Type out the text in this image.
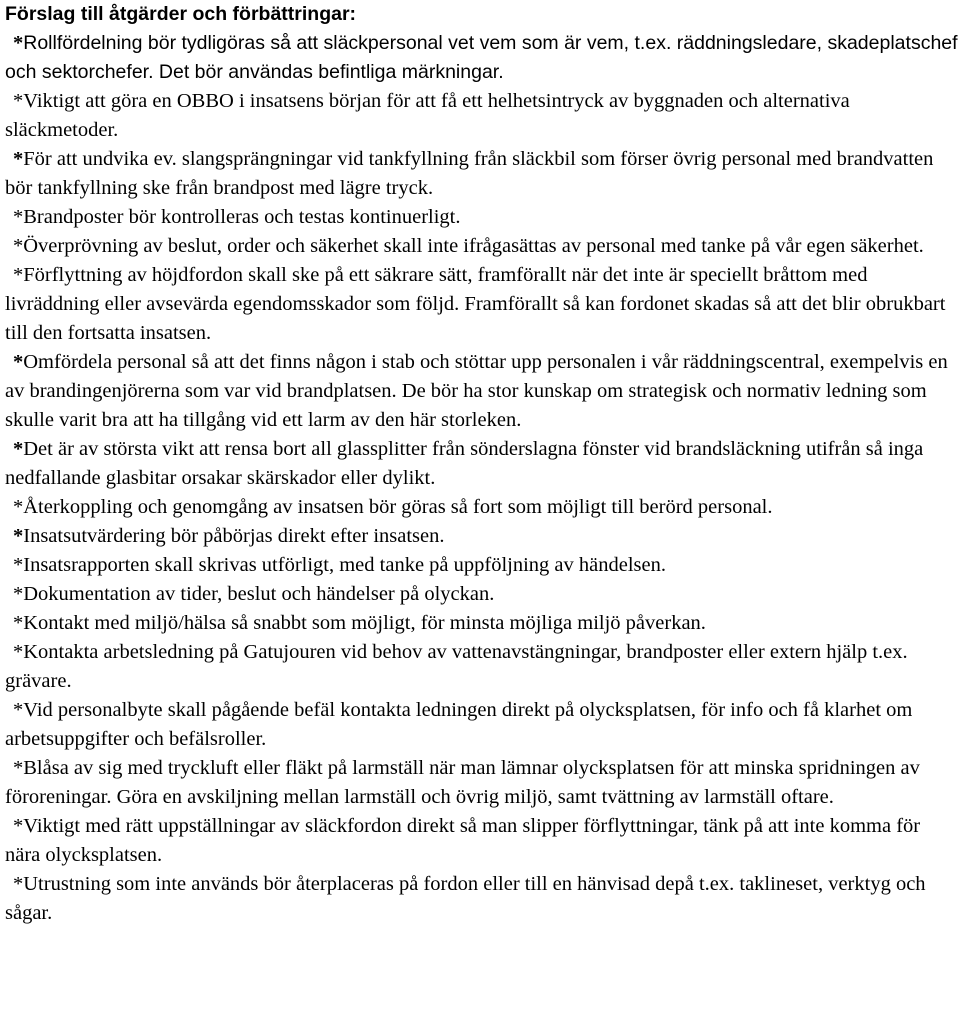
Förslag till åtgärder och förbättringar:

*Rollfördelning bör tydligöras så att släckpersonal vet vem som är vem, t.ex. räddningsledare, skadeplatschef och sektorchefer. Det bör användas befintliga märkningar.

*Viktigt att göra en OBBO i insatsens början för att få ett helhetsintryck av byggnaden och alternativa släckmetoder.

*För att undvika ev. slangsprängningar vid tankfyllning från släckbil som förser övrig personal med brandvatten bör tankfyllning ske från brandpost med lägre tryck.

*Brandposter bör kontrolleras och testas kontinuerligt.

*Överprövning av beslut, order och säkerhet skall inte ifrågasättas av personal med tanke på vår egen säkerhet.

*Förflyttning av höjdfordon skall ske på ett säkrare sätt, framförallt när det inte är speciellt bråttom med livräddning eller avsevärda egendomsskador som följd. Framförallt så kan fordonet skadas så att det blir obrukbart till den fortsatta insatsen.

*Omfördela personal så att det finns någon i stab och stöttar upp personalen i vår räddningscentral, exempelvis en av brandingenjörerna som var vid brandplatsen. De bör ha stor kunskap om strategisk och normativ ledning som skulle varit bra att ha tillgång vid ett larm av den här storleken.

*Det är av största vikt att rensa bort all glassplitter från sönderslagna fönster vid brandsläckning utifrån så inga nedfallande glasbitar orsakar skärskador eller dylikt.

*Återkoppling och genomgång av insatsen bör göras så fort som möjligt till berörd personal.

*Insatsutvärdering bör påbörjas direkt efter insatsen.

*Insatsrapporten skall skrivas utförligt, med tanke på uppföljning av händelsen.

*Dokumentation av tider, beslut och händelser på olyckan.

*Kontakt med miljö/hälsa så snabbt som möjligt, för minsta möjliga miljö påverkan.

*Kontakta arbetsledning på Gatujouren vid behov av vattenavstängningar, brandposter eller extern hjälp t.ex. grävare.

*Vid personalbyte skall pågående befäl kontakta ledningen direkt på olycksplatsen, för info och få klarhet om arbetsuppgifter och befälsroller.

*Blåsa av sig med tryckluft eller fläkt på larmställ när man lämnar olycksplatsen för att minska spridningen av föroreningar. Göra en avskiljning mellan larmställ och övrig miljö, samt tvättning av larmställ oftare.

*Viktigt med rätt uppställningar av släckfordon direkt så man slipper förflyttningar, tänk på att inte komma för nära olycksplatsen.

*Utrustning som inte används bör återplaceras på fordon eller till en hänvisad depå t.ex. taklineset, verktyg och sågar.
